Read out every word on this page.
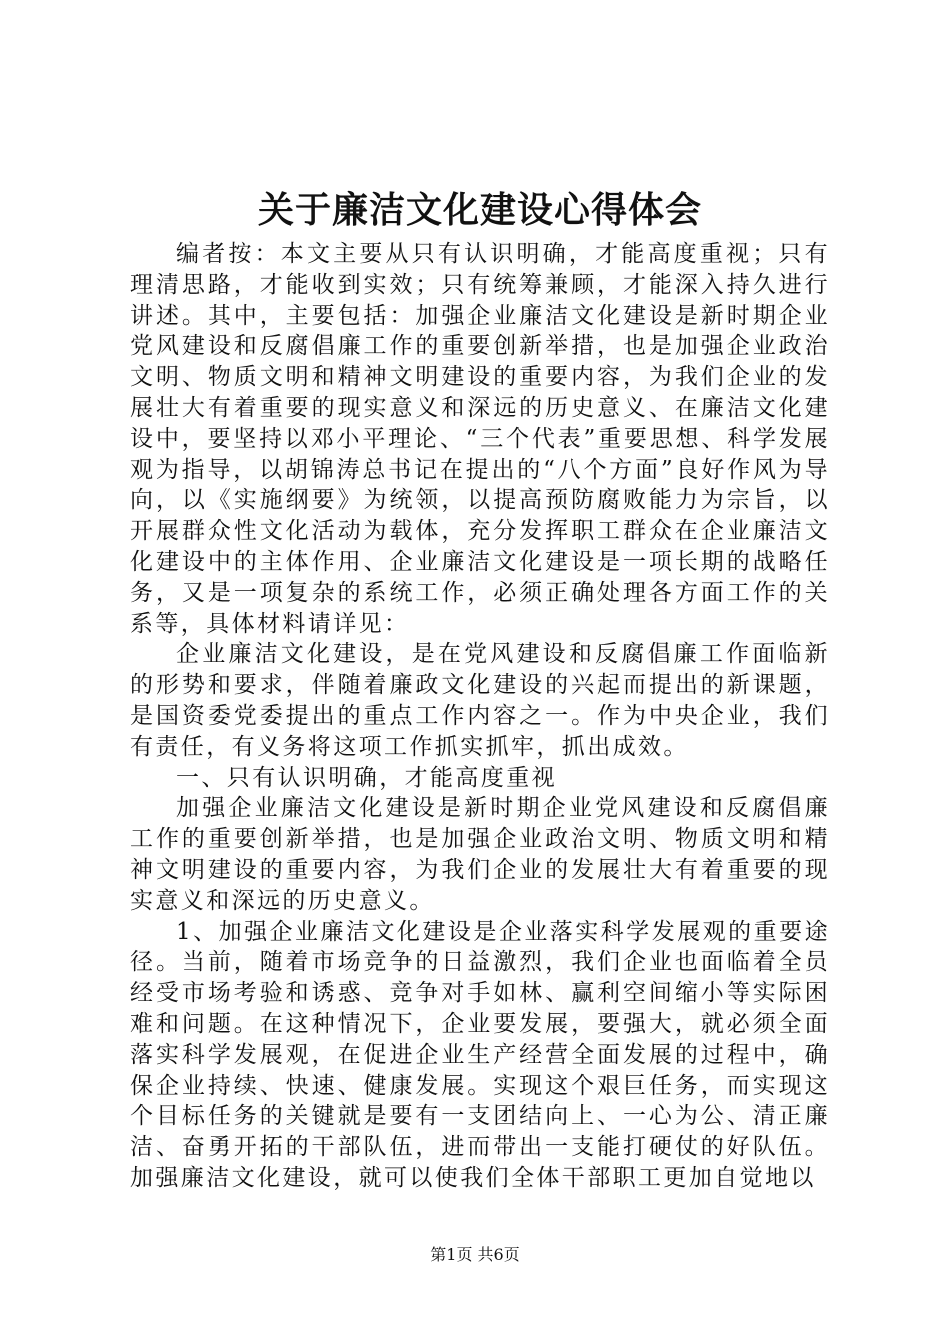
关于廉洁文化建设心得体会

编者按：本文主要从只有认识明确，才能高度重视；只有理清思路，才能收到实效；只有统筹兼顾，才能深入持久进行讲述。其中，主要包括：加强企业廉洁文化建设是新时期企业党风建设和反腐倡廉工作的重要创新举措，也是加强企业政治文明、物质文明和精神文明建设的重要内容，为我们企业的发展壮大有着重要的现实意义和深远的历史意义、在廉洁文化建设中，要坚持以邓小平理论、“三个代表”重要思想、科学发展观为指导，以胡锦涛总书记在提出的“八个方面”良好作风为导向，以《实施纲要》为统领，以提高预防腐败能力为宗旨，以开展群众性文化活动为载体，充分发挥职工群众在企业廉洁文化建设中的主体作用、企业廉洁文化建设是一项长期的战略任务，又是一项复杂的系统工作，必须正确处理各方面工作的关系等，具体材料请详见：

企业廉洁文化建设，是在党风建设和反腐倡廉工作面临新的形势和要求，伴随着廉政文化建设的兴起而提出的新课题，是国资委党委提出的重点工作内容之一。作为中央企业，我们有责任，有义务将这项工作抓实抓牢，抓出成效。

一、只有认识明确，才能高度重视

加强企业廉洁文化建设是新时期企业党风建设和反腐倡廉工作的重要创新举措，也是加强企业政治文明、物质文明和精神文明建设的重要内容，为我们企业的发展壮大有着重要的现实意义和深远的历史意义。

1、加强企业廉洁文化建设是企业落实科学发展观的重要途径。当前，随着市场竞争的日益激烈，我们企业也面临着全员经受市场考验和诱惑、竞争对手如林、赢利空间缩小等实际困难和问题。在这种情况下，企业要发展，要强大，就必须全面落实科学发展观，在促进企业生产经营全面发展的过程中，确保企业持续、快速、健康发展。实现这个艰巨任务，而实现这个目标任务的关键就是要有一支团结向上、一心为公、清正廉洁、奋勇开拓的干部队伍，进而带出一支能打硬仗的好队伍。加强廉洁文化建设，就可以使我们全体干部职工更加自觉地以

第1页 共6页
